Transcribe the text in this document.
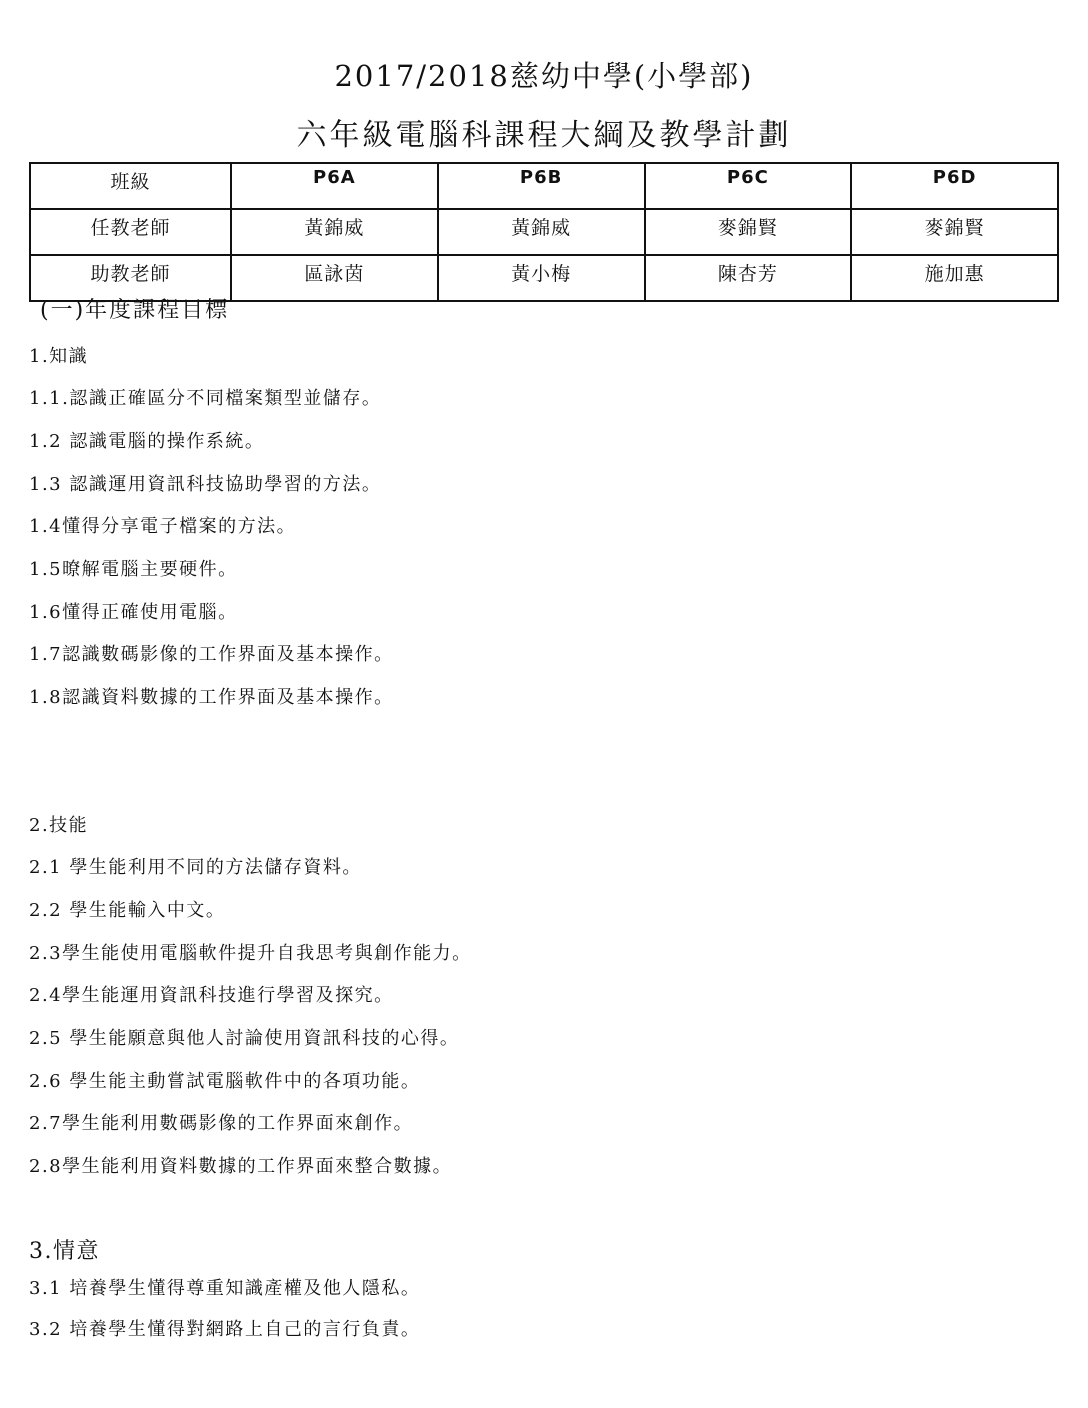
2017/2018慈幼中學(小學部)
六年級電腦科課程大綱及教學計劃
班級	P6A	P6B	P6C	P6D
任教老師	黃錦威	黃錦威	麥錦賢	麥錦賢
助教老師	區詠茵	黃小梅	陳杏芳	施加惠
(一)年度課程目標

1.知識

1.1.認識正確區分不同檔案類型並儲存。

1.2 認識電腦的操作系統。

1.3 認識運用資訊科技協助學習的方法。

1.4懂得分享電子檔案的方法。

1.5暸解電腦主要硬件。

1.6懂得正確使用電腦。

1.7認識數碼影像的工作界面及基本操作。

1.8認識資料數據的工作界面及基本操作。

2.技能

2.1 學生能利用不同的方法儲存資料。

2.2 學生能輸入中文。

2.3學生能使用電腦軟件提升自我思考與創作能力。

2.4學生能運用資訊科技進行學習及探究。

2.5 學生能願意與他人討論使用資訊科技的心得。

2.6 學生能主動嘗試電腦軟件中的各項功能。

2.7學生能利用數碼影像的工作界面來創作。

2.8學生能利用資料數據的工作界面來整合數據。

3.情意

3.1 培養學生懂得尊重知識產權及他人隱私。

3.2 培養學生懂得對網路上自己的言行負責。
